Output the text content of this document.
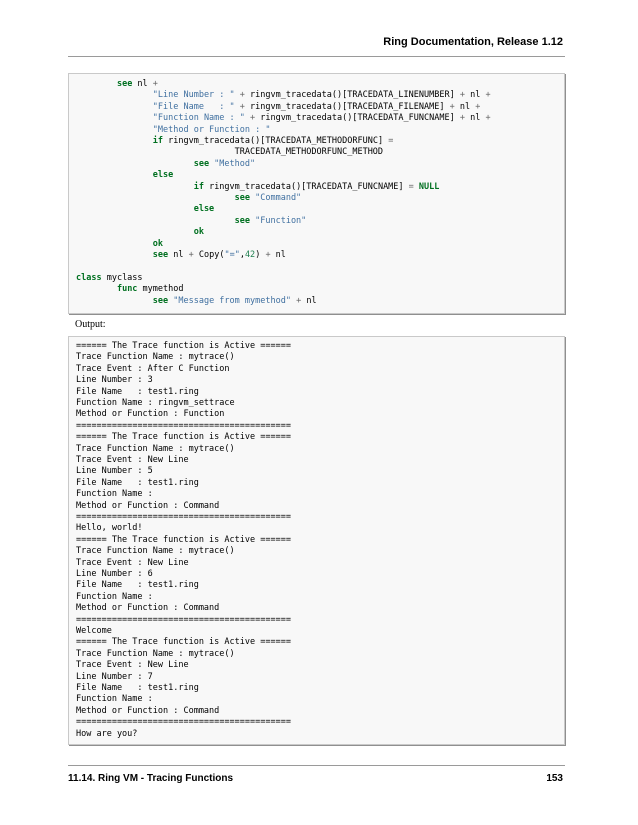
Ring Documentation, Release 1.12
see nl +
"Line Number : " + ringvm_tracedata()[TRACEDATA_LINENUMBER] + nl +
"File Name   : " + ringvm_tracedata()[TRACEDATA_FILENAME] + nl +
"Function Name : " + ringvm_tracedata()[TRACEDATA_FUNCNAME] + nl +
"Method or Function : "
if ringvm_tracedata()[TRACEDATA_METHODORFUNC] =
TRACEDATA_METHODORFUNC_METHOD
see "Method"
else
if ringvm_tracedata()[TRACEDATA_FUNCNAME] = NULL
see "Command"
else
see "Function"
ok
ok
see nl + Copy("=",42) + nl
class myclass
func mymethod
see "Message from mymethod" + nl
Output:
====== The Trace function is Active ======
Trace Function Name : mytrace()
Trace Event : After C Function
Line Number : 3
File Name   : test1.ring
Function Name : ringvm_settrace
Method or Function : Function
==========================================
====== The Trace function is Active ======
Trace Function Name : mytrace()
Trace Event : New Line
Line Number : 5
File Name   : test1.ring
Function Name :
Method or Function : Command
==========================================
Hello, world!
====== The Trace function is Active ======
Trace Function Name : mytrace()
Trace Event : New Line
Line Number : 6
File Name   : test1.ring
Function Name :
Method or Function : Command
==========================================
Welcome
====== The Trace function is Active ======
Trace Function Name : mytrace()
Trace Event : New Line
Line Number : 7
File Name   : test1.ring
Function Name :
Method or Function : Command
==========================================
How are you?
11.14. Ring VM - Tracing Functions	153
